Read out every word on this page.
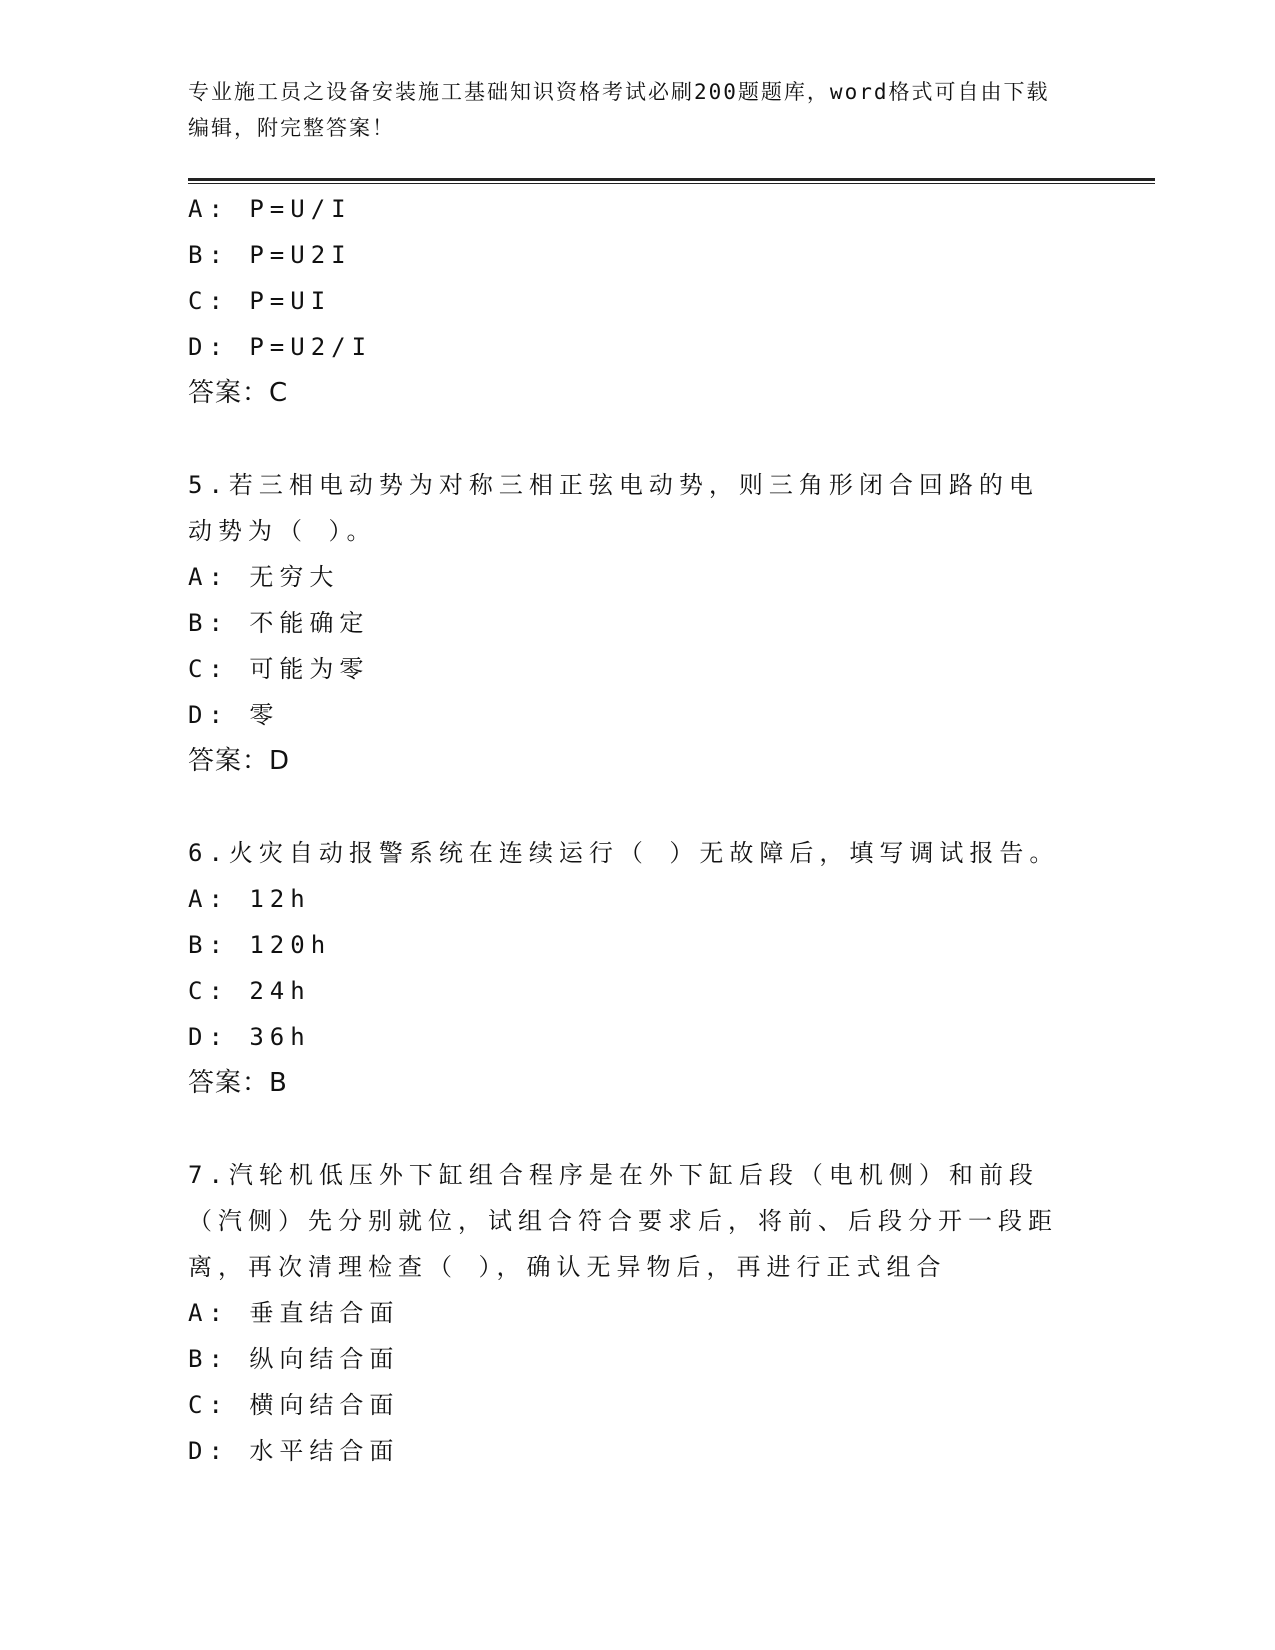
专业施工员之设备安装施工基础知识资格考试必刷200题题库，word格式可自由下载编辑，附完整答案！
A: P=U/I
B: P=U2I
C: P=UI
D: P=U2/I
答案：C
5.若三相电动势为对称三相正弦电动势，则三角形闭合回路的电动势为（ ）。
A: 无穷大
B: 不能确定
C: 可能为零
D: 零
答案：D
6.火灾自动报警系统在连续运行（ ）无故障后，填写调试报告。
A: 12h
B: 120h
C: 24h
D: 36h
答案：B
7.汽轮机低压外下缸组合程序是在外下缸后段（电机侧）和前段（汽侧）先分别就位，试组合符合要求后，将前、后段分开一段距离，再次清理检查（ ），确认无异物后，再进行正式组合
A: 垂直结合面
B: 纵向结合面
C: 横向结合面
D: 水平结合面
